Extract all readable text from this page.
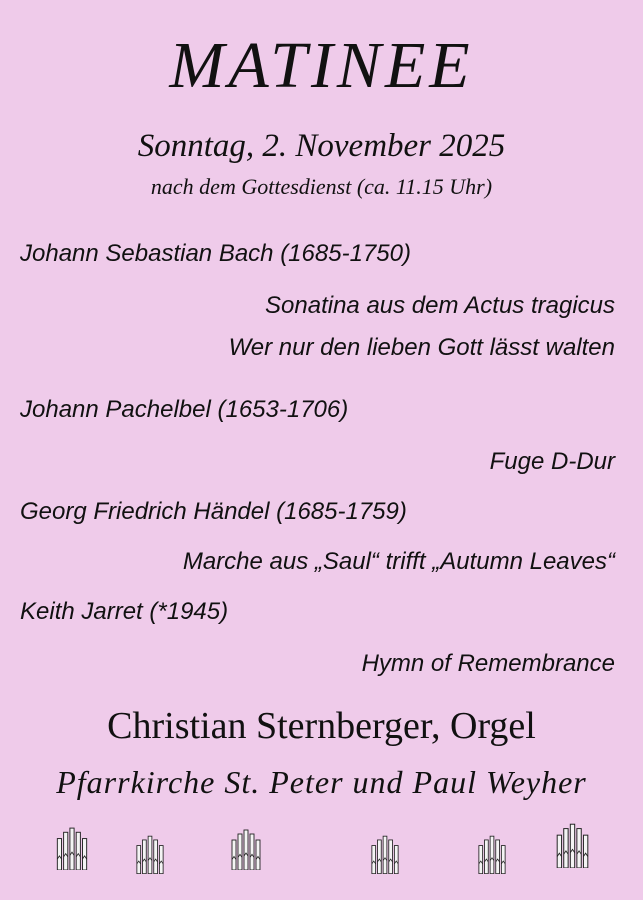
MATINEE
Sonntag, 2. November 2025
nach dem Gottesdienst (ca. 11.15 Uhr)
Johann Sebastian Bach (1685-1750)
Sonatina aus dem Actus tragicus
Wer nur den lieben Gott lässt walten
Johann Pachelbel (1653-1706)
Fuge D-Dur
Georg Friedrich Händel (1685-1759)
Marche aus „Saul“ trifft „Autumn Leaves“
Keith Jarret (*1945)
Hymn of Remembrance
Christian Sternberger, Orgel
Pfarrkirche St. Peter und Paul Weyher
